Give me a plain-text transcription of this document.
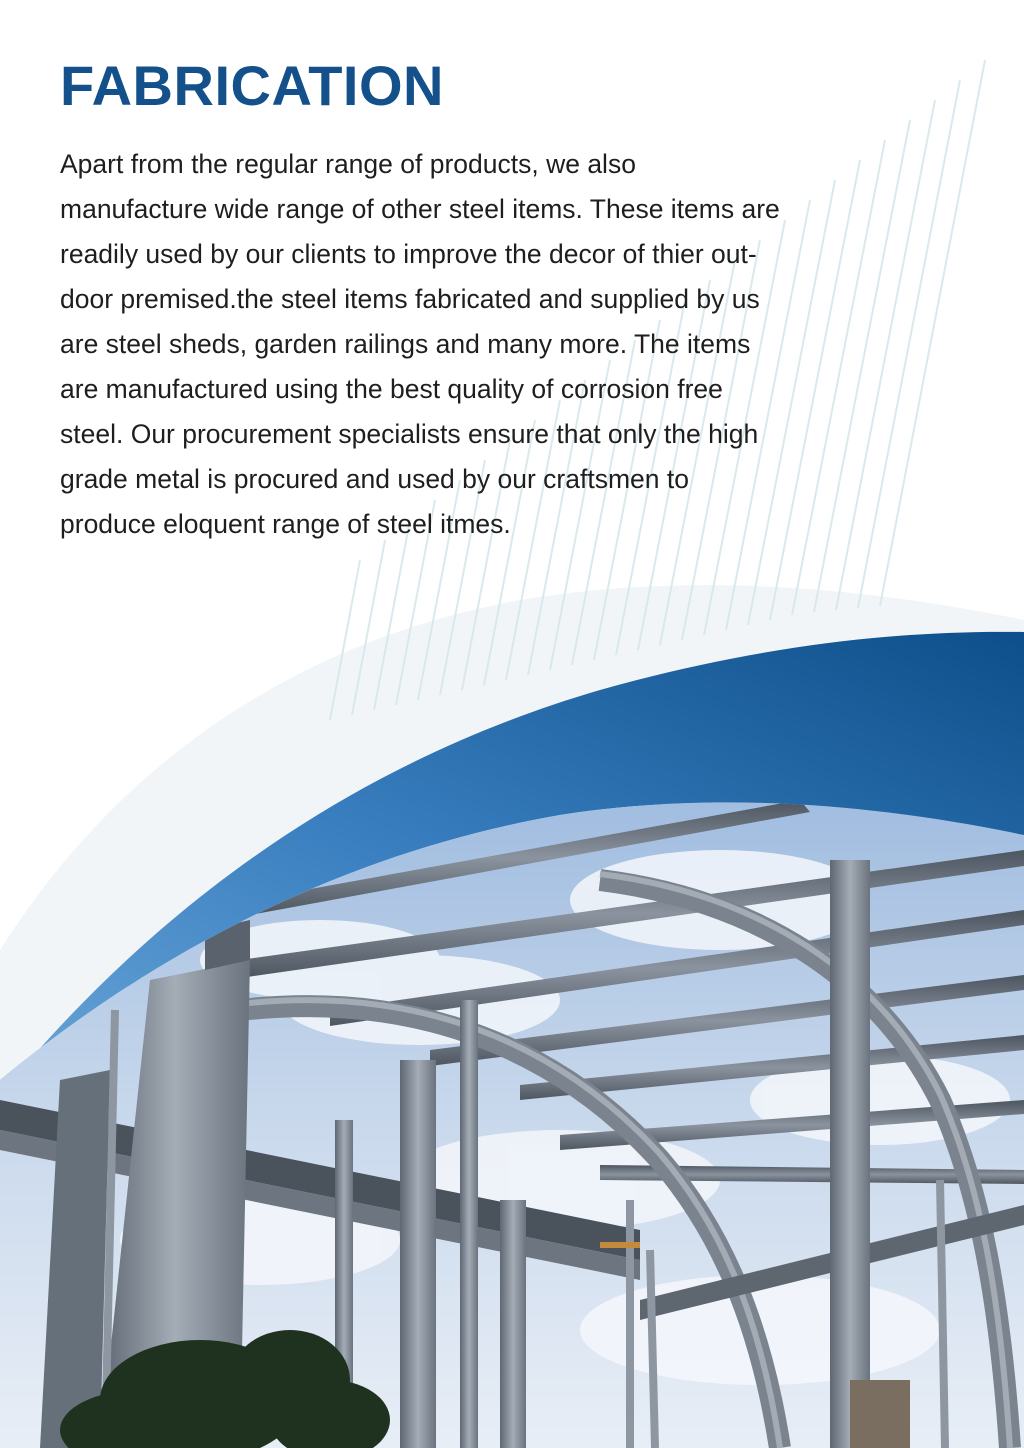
FABRICATION

Apart from the regular range of products, we also
manufacture wide range of other steel items. These items are
readily used by our clients to improve the decor of thier out-
door premised.the steel items fabricated and supplied by us
are steel sheds, garden railings and many more. The items
are manufactured using the best quality of corrosion free
steel. Our procurement specialists ensure that only the high
grade metal is procured and used by our craftsmen to
produce eloquent range of steel itmes.
